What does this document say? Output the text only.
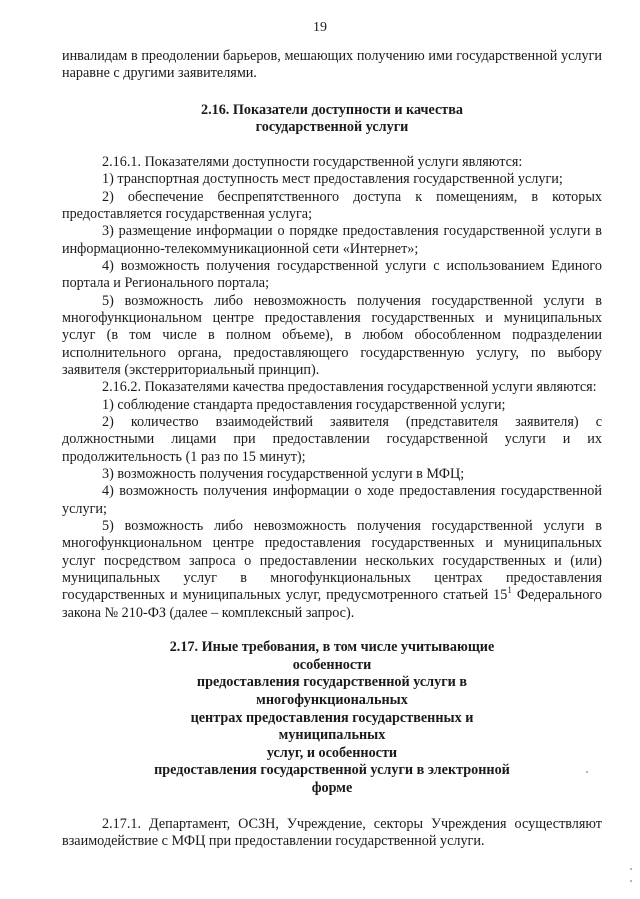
19

инвалидам в преодолении барьеров, мешающих получению ими государственной услуги наравне с другими заявителями.

2.16. Показатели доступности и качества
государственной услуги

2.16.1. Показателями доступности государственной услуги являются:

1) транспортная доступность мест предоставления государственной услуги;

2) обеспечение беспрепятственного доступа к помещениям, в которых предоставляется государственная услуга;

3) размещение информации о порядке предоставления государственной услуги в информационно-телекоммуникационной сети «Интернет»;

4) возможность получения государственной услуги с использованием Единого портала и Регионального портала;

5) возможность либо невозможность получения государственной услуги в многофункциональном центре предоставления государственных и муниципальных услуг (в том числе в полном объеме), в любом обособленном подразделении исполнительного органа, предоставляющего государственную услугу, по выбору заявителя (экстерриториальный принцип).

2.16.2. Показателями качества предоставления государственной услуги являются:

1) соблюдение стандарта предоставления государственной услуги;

2) количество взаимодействий заявителя (представителя заявителя) с должностными лицами при предоставлении государственной услуги и их продолжительность (1 раз по 15 минут);

3) возможность получения государственной услуги в МФЦ;

4) возможность получения информации о ходе предоставления государственной услуги;

5) возможность либо невозможность получения государственной услуги в многофункциональном центре предоставления государственных и муниципальных услуг посредством запроса о предоставлении нескольких государственных и (или) муниципальных услуг в многофункциональных центрах предоставления государственных и муниципальных услуг, предусмотренного статьей $15^1$ Федерального закона № 210-ФЗ (далее – комплексный запрос).

2.17. Иные требования, в том числе учитывающие
особенности
предоставления государственной услуги в
многофункциональных
центрах предоставления государственных и
муниципальных
услуг, и особенности
предоставления государственной услуги в электронной
форме

2.17.1. Департамент, ОСЗН, Учреждение, секторы Учреждения осуществляют взаимодействие с МФЦ при предоставлении государственной услуги.
